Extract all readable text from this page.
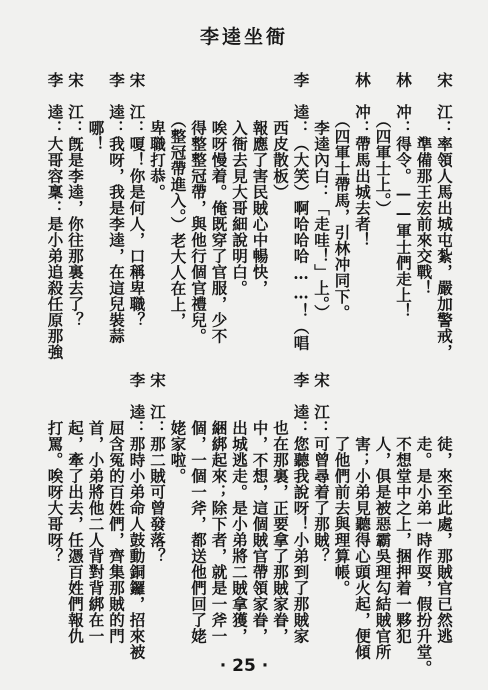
李逵坐衙
宋　江：率領人馬出城屯紮，嚴加警戒，
　　　　準備那王宏前來交戰！
林　冲：得令。——軍士們走上！
　　　（四軍士上。）
林　冲：帶馬出城去者！
　　　（四軍士帶馬，引林冲同下。
　　　李逵內白：「走哇！」上。）
李　逵：（大笑）啊哈哈哈……！（唱
　　　西皮散板）
　　　報應了害民賊心中暢快，
　　　入衙去見大哥細說明白。
　　　唉呀慢着。俺既穿了官服，少不
　　　得整整冠帶，與他行個官禮兒。
　　　（整冠帶進入。）老大人在上，
　　　卑職打恭。
宋　江：嗄！你是何人，口稱卑職？
李　逵：我呀，我是李逵，在這兒裝蒜
　　　哪！
宋　江：旣是李逵，你往那裏去了？
李　逵：大哥容稟：是小弟追殺任原那強
　　　　徒，來至此處，那賊官已然逃
　　　　走。是小弟一時作耍，假扮升堂。
　　　　不想堂中之上，捆押着一夥犯
　　　　人，俱是被惡霸吳理勾結賊官所
　　　　害；小弟見聽得心頭火起，便傾
　　　　了他們前去與理算帳。
宋　江：可曾尋着了那賊？
李　逵：您聽我說呀！小弟到了那賊家
　　　也在那裏，正要拿了那賊家眷，
　　　中，不想，這個賊官帶領家眷，
　　　出城逃走。是小弟將二賊拿獲，
　　　綑綁起來；除下者，就是一斧一
　　　個，一個一斧，都送他們回了姥
　　　姥家啦。
宋　江：那二賊可曾發落？
李　逵：那時小弟命人鼓動銅鑼，招來被
　　　屈含冤的百姓們，齊集那賊的門
　　　首，小弟將他二人背對背綁在一
　　　起，牽了出去，任憑百姓們報仇
　　　打罵。唉呀大哥呀？
· 25 ·
